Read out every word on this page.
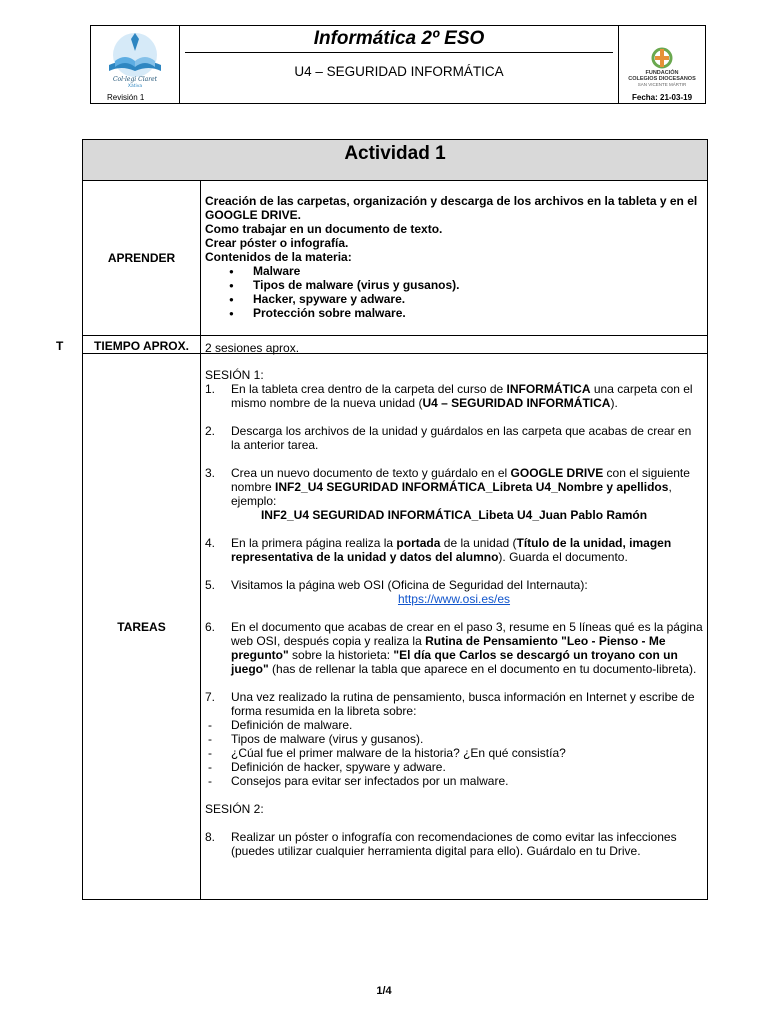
Col·legi Claret
Xàtiva
Revisión 1
Informática 2º ESO
U4 – SEGURIDAD INFORMÁTICA	FUNDACIÓN
COLEGIOS DIOCESANOS
SAN VICENTE MÁRTIR
Fecha: 21-03-19
T
Actividad 1
APRENDER
Creación de las carpetas, organización y descarga de los archivos en la tableta y en el GOOGLE DRIVE.
Como trabajar en un documento de texto.
Crear póster o infografía.
Contenidos de la materia:
● Malware
● Tipos de malware (virus y gusanos).
● Hacker, spyware y adware.
● Protección sobre malware.
TIEMPO APROX.	2 sesiones aprox.
TAREAS

SESIÓN 1:

1. En la tableta crea dentro de la carpeta del curso de INFORMÁTICA una carpeta con el mismo nombre de la nueva unidad (U4 – SEGURIDAD INFORMÁTICA).

2. Descarga los archivos de la unidad y guárdalos en las carpeta que acabas de crear en la anterior tarea.

3. Crea un nuevo documento de texto y guárdalo en el GOOGLE DRIVE con el siguiente nombre INF2_U4 SEGURIDAD INFORMÁTICA_Libreta U4_Nombre y apellidos, ejemplo:

INF2_U4 SEGURIDAD INFORMÁTICA_Libeta U4_Juan Pablo Ramón

4. En la primera página realiza la portada de la unidad (Título de la unidad, imagen representativa de la unidad y datos del alumno). Guarda el documento.

5. Visitamos la página web OSI (Oficina de Seguridad del Internauta):

https://www.osi.es/es

6. En el documento que acabas de crear en el paso 3, resume en 5 líneas qué es la página web OSI, después copia y realiza la Rutina de Pensamiento "Leo - Pienso - Me pregunto" sobre la historieta: "El día que Carlos se descargó un troyano con un juego" (has de rellenar la tabla que aparece en el documento en tu documento-libreta).

7. Una vez realizado la rutina de pensamiento, busca información en Internet y escribe de forma resumida en la libreta sobre:

- Definición de malware.

- Tipos de malware (virus y gusanos).

- ¿Cúal fue el primer malware de la historia? ¿En qué consistía?

- Definición de hacker, spyware y adware.

- Consejos para evitar ser infectados por un malware.

SESIÓN 2:

8. Realizar un póster o infografía con recomendaciones de como evitar las infecciones (puedes utilizar cualquier herramienta digital para ello). Guárdalo en tu Drive.

1/4
